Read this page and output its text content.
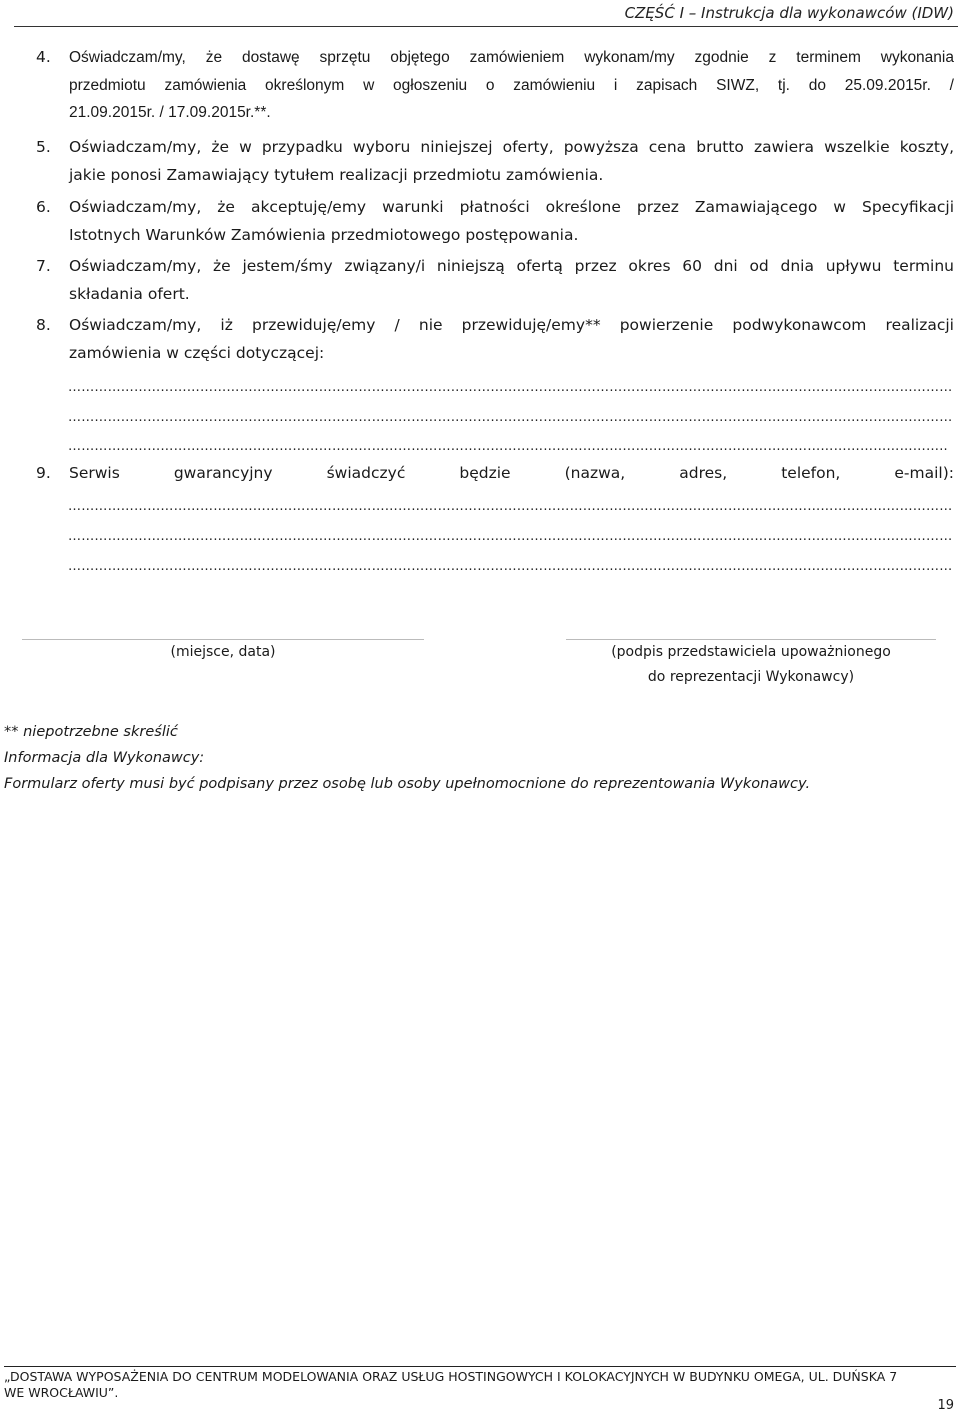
CZĘŚĆ I – Instrukcja dla wykonawców (IDW)
4.	Oświadczam/my, że dostawę sprzętu objętego zamówieniem wykonam/my zgodnie z terminem wykonania
przedmiotu zamówienia określonym w ogłoszeniu o zamówieniu i zapisach SIWZ, tj. do 25.09.2015r. /
21.09.2015r. / 17.09.2015r.**.
5.	Oświadczam/my, że w przypadku wyboru niniejszej oferty, powyższa cena brutto zawiera wszelkie koszty,
jakie ponosi Zamawiający tytułem realizacji przedmiotu zamówienia.
6.	Oświadczam/my, że akceptuję/emy warunki płatności określone przez Zamawiającego w Specyfikacji
Istotnych Warunków Zamówienia przedmiotowego postępowania.
7.	Oświadczam/my, że jestem/śmy związany/i niniejszą ofertą przez okres 60 dni od dnia upływu terminu
składania ofert.
8.	Oświadczam/my, iż przewiduję/emy / nie przewiduję/emy** powierzenie podwykonawcom realizacji
zamówienia w części dotyczącej:
…………………………………………………………………………………………………………………………………………………………………………………
…………………………………………………………………………………………………………………………………………………………………………………
………………………………………………………………………………………………………………………………………………………………………………..
9.	Serwis gwarancyjny świadczyć będzie (nazwa, adres, telefon, e-mail):
…………………………………………………………………………………………………………………………………………………………………………………
…………………………………………………………………………………………………………………………………………………………………………………
…………………………………………………………………………………………………………………………………………………………………………………
(miejsce, data)	(podpis przedstawiciela upoważnionego
do reprezentacji Wykonawcy)
** niepotrzebne skreślić
Informacja dla Wykonawcy:
Formularz oferty musi być podpisany przez osobę lub osoby upełnomocnione do reprezentowania Wykonawcy.
„DOSTAWA WYPOSAŻENIA DO CENTRUM MODELOWANIA ORAZ USŁUG HOSTINGOWYCH I KOLOKACYJNYCH W BUDYNKU OMEGA, UL. DUŃSKA 7
WE WROCŁAWIU”.
19
